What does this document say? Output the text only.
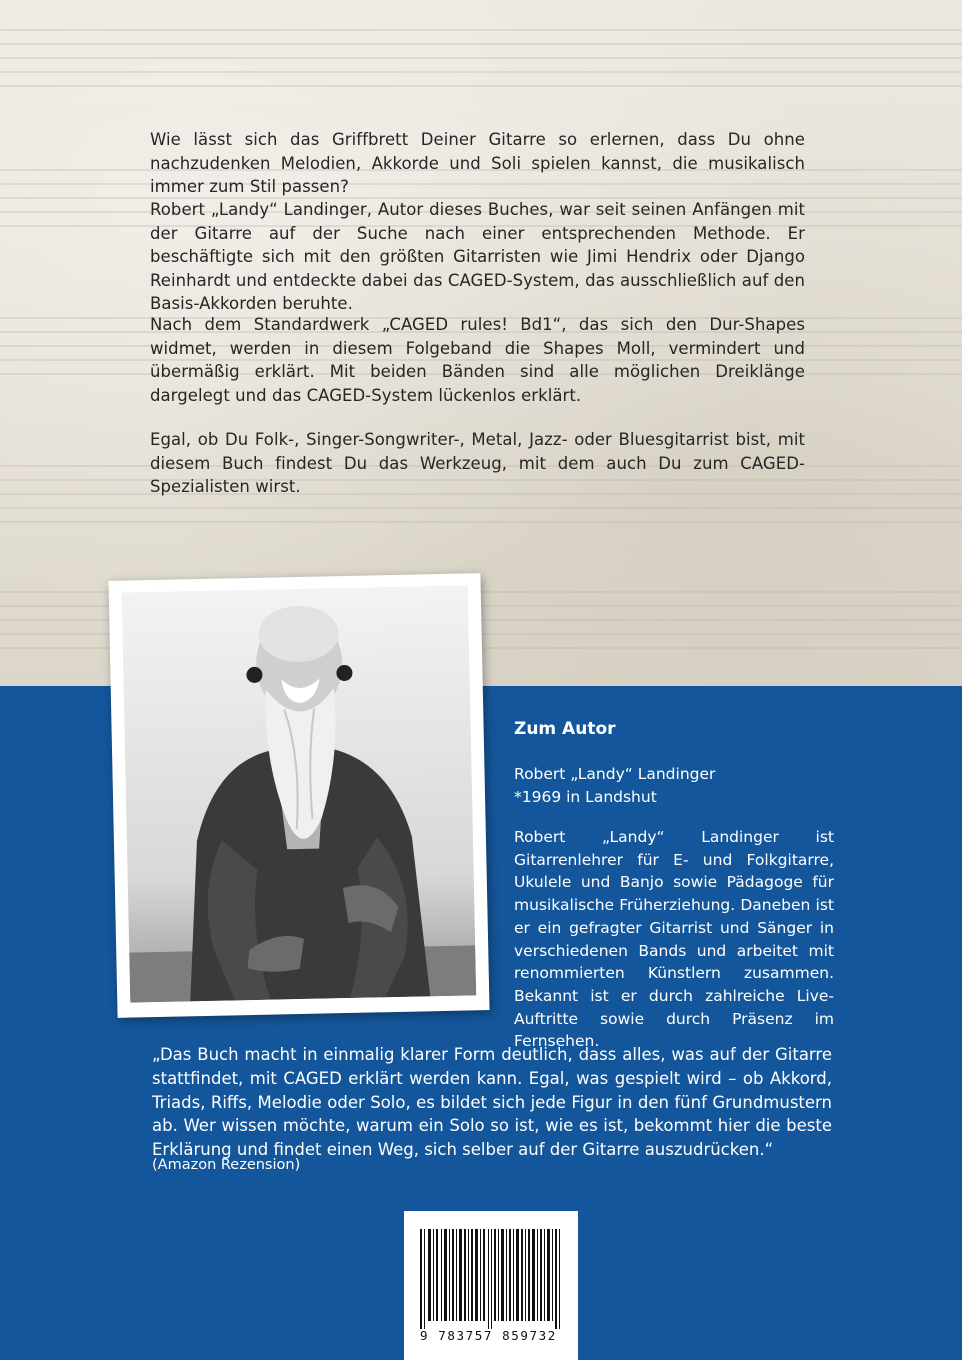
Wie lässt sich das Griffbrett Deiner Gitarre so erlernen, dass Du ohne nachzudenken Melodien, Akkorde und Soli spielen kannst, die musikalisch immer zum Stil passen?

Robert „Landy“ Landinger, Autor dieses Buches, war seit seinen Anfängen mit der Gitarre auf der Suche nach einer entsprechenden Methode. Er beschäftigte sich mit den größten Gitarristen wie Jimi Hendrix oder Django Reinhardt und entdeckte dabei das CAGED-System, das ausschließlich auf den Basis-Akkorden beruhte.

Nach dem Standardwerk „CAGED rules! Bd1“, das sich den Dur-Shapes widmet, werden in diesem Folgeband die Shapes Moll, vermindert und übermäßig erklärt. Mit beiden Bänden sind alle möglichen Dreiklänge dargelegt und das CAGED-System lückenlos erklärt.

Egal, ob Du Folk-, Singer-Songwriter-, Metal, Jazz- oder Bluesgitarrist bist, mit diesem Buch findest Du das Werkzeug, mit dem auch Du zum CAGED-Spezialisten wirst.

Zum Autor

Robert „Landy“ Landinger

*1969 in Landshut

Robert „Landy“ Landinger ist Gitarrenlehrer für E- und Folkgitarre, Ukulele und Banjo sowie Pädagoge für musikalische Früherziehung. Daneben ist er ein gefragter Gitarrist und Sänger in verschiedenen Bands und arbeitet mit renommierten Künstlern zusammen. Bekannt ist er durch zahlreiche Live-Auftritte sowie durch Präsenz im Fernsehen.

„Das Buch macht in einmalig klarer Form deutlich, dass alles, was auf der Gitarre stattfindet, mit CAGED erklärt werden kann. Egal, was gespielt wird – ob Akkord, Triads, Riffs, Melodie oder Solo, es bildet sich jede Figur in den fünf Grundmustern ab. Wer wissen möchte, warum ein Solo so ist, wie es ist, bekommt hier die beste Erklärung und findet einen Weg, sich selber auf der Gitarre auszudrücken.“

(Amazon Rezension)

9 783757 859732
